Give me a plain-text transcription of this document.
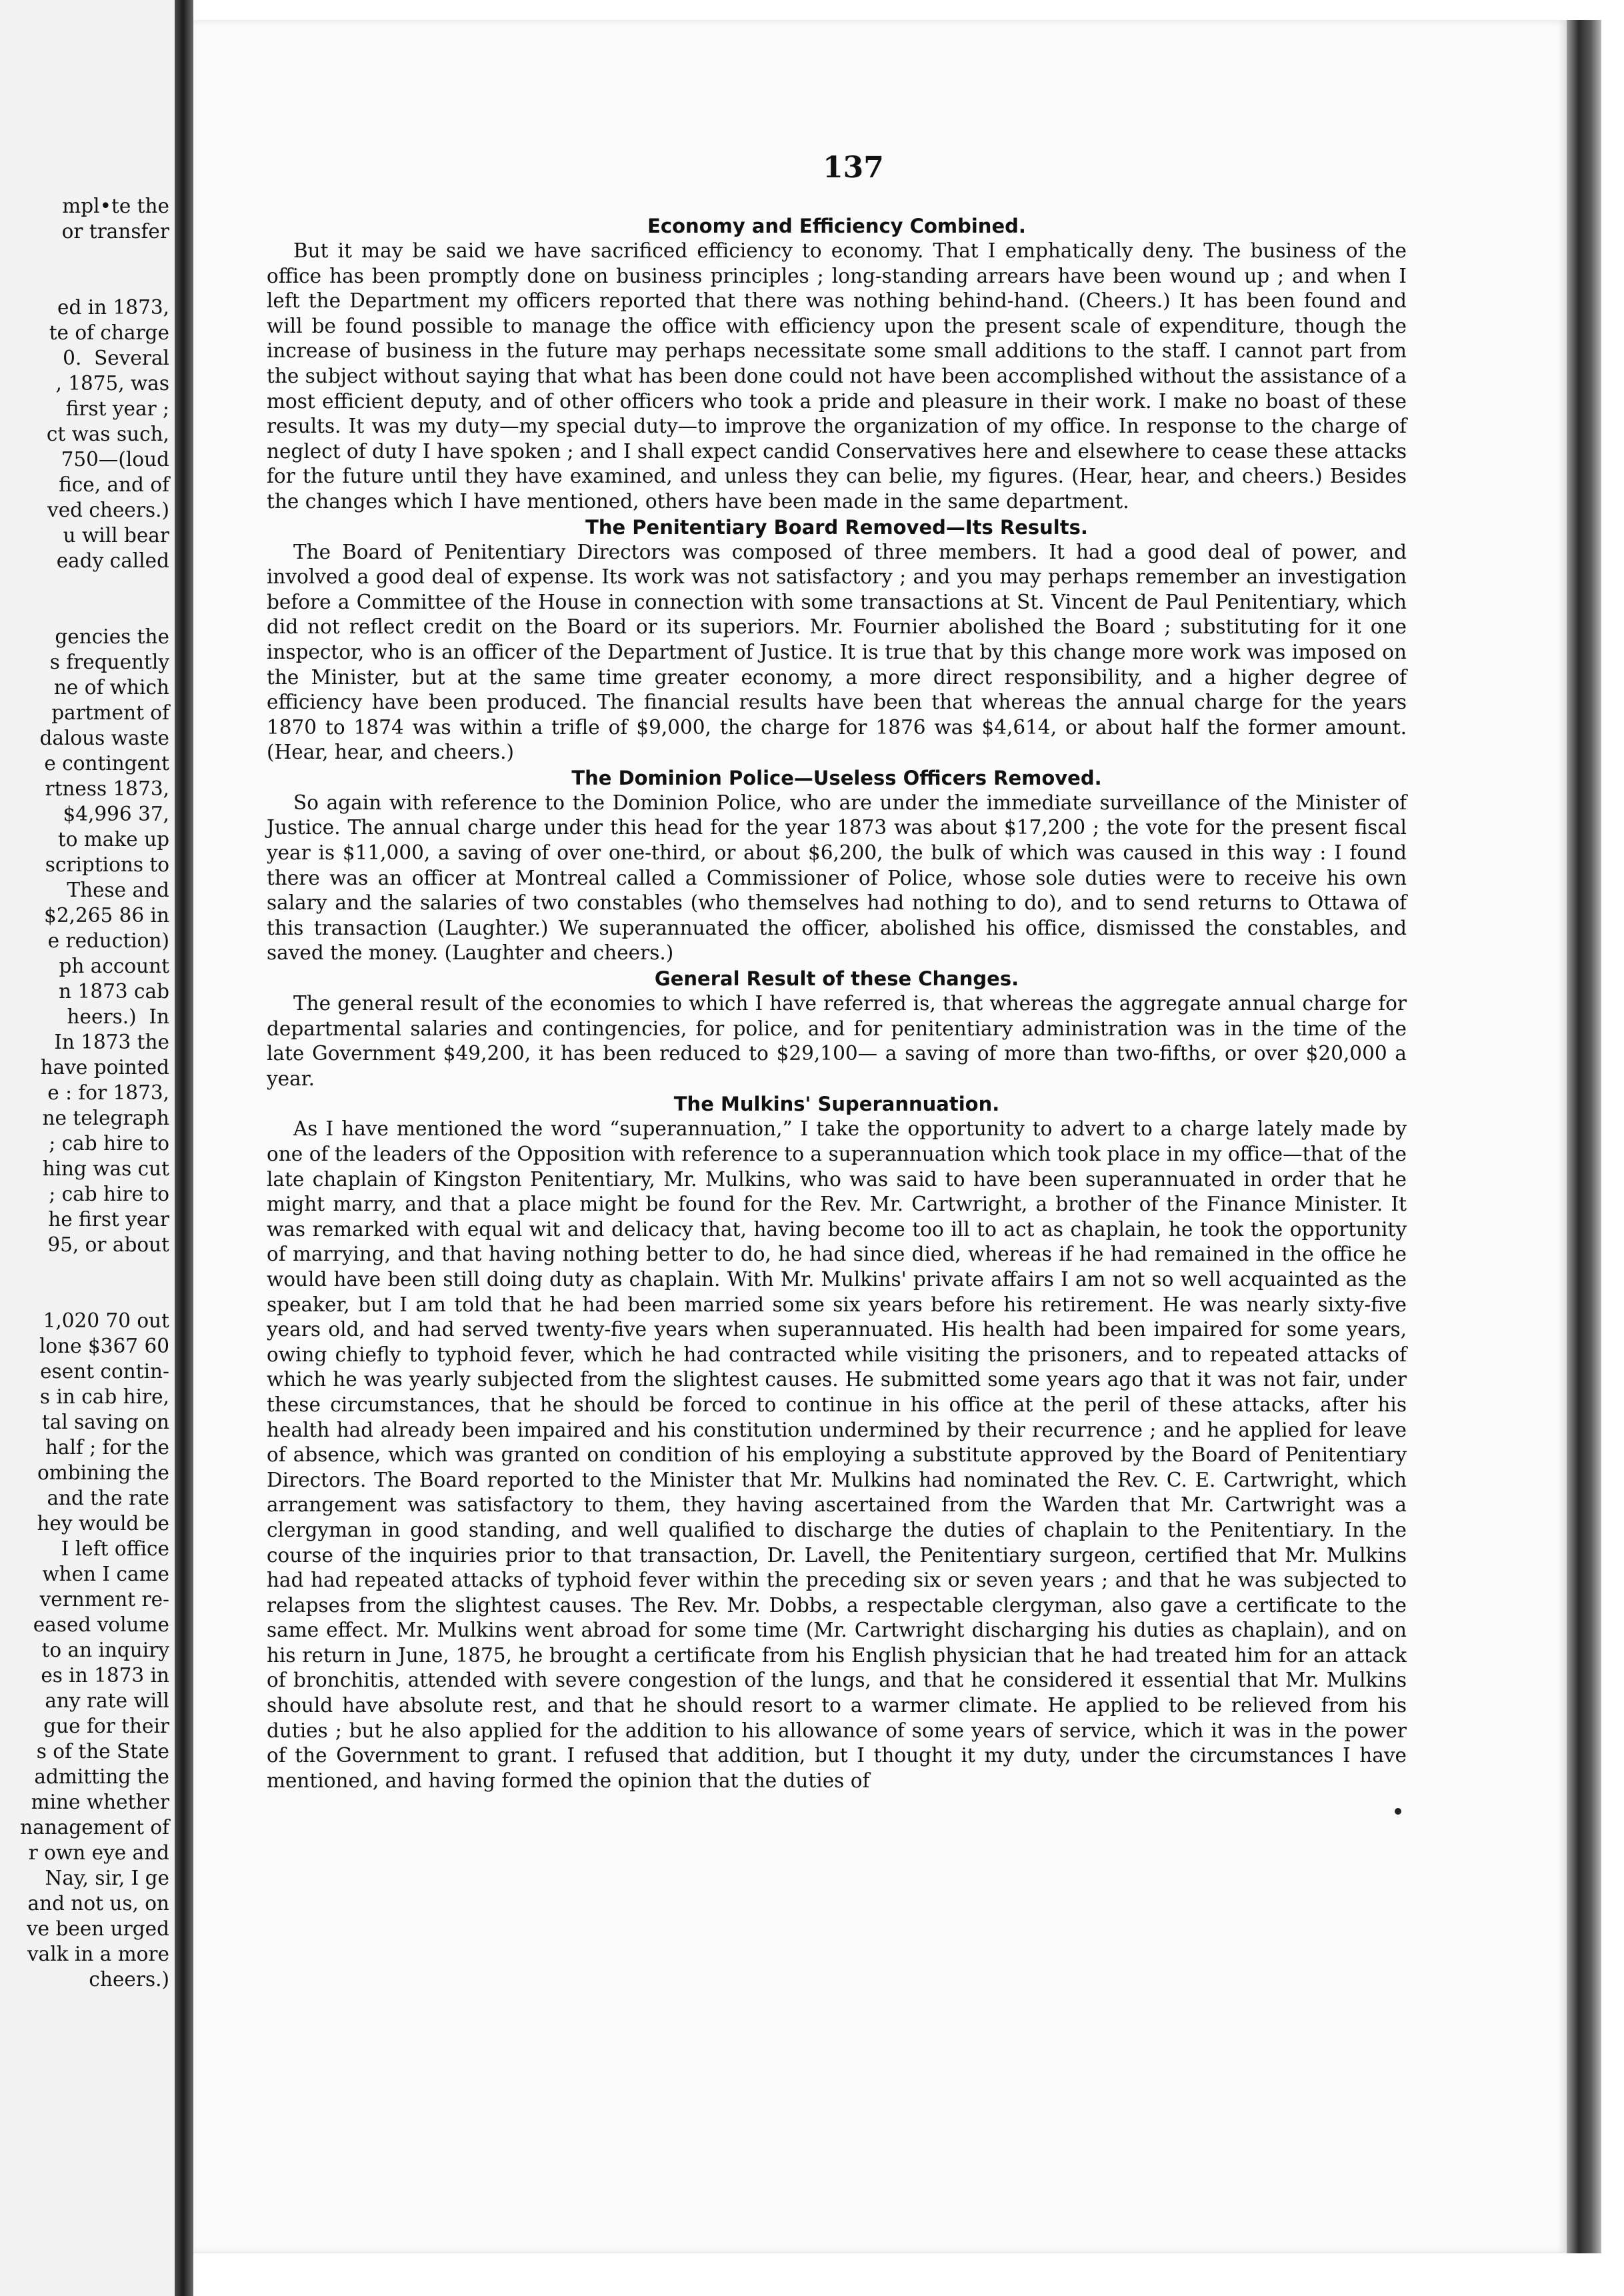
mpl•te the
or transfer

ed in 1873,
te of charge
0.  Several
, 1875, was
first year ;
ct was such,
750—(loud
fice, and of
ved cheers.)
u will bear
eady called

gencies the
s frequently
ne of which
partment of
dalous waste
e contingent
rtness 1873,
$4,996 37,
to make up
scriptions to
These and
$2,265 86 in
e reduction)
ph account
n 1873 cab
heers.)  In
In 1873 the
have pointed
e : for 1873,
ne telegraph
; cab hire to
hing was cut
; cab hire to
he first year
95, or about

1,020 70 out
lone $367 60
esent contin-
s in cab hire,
tal saving on
half ; for the
ombining the
and the rate
hey would be
I left office
when I came
vernment re-
eased volume
to an inquiry
es in 1873 in
any rate will
gue for their
s of the State
admitting the
mine whether
nanagement of
r own eye and
Nay, sir, I ge
and not us, on
ve been urged
valk in a more
cheers.)
137
Economy and Efficiency Combined.

But it may be said we have sacrificed efficiency to economy. That I emphatically deny. The business of the office has been promptly done on business principles ; long-standing arrears have been wound up ; and when I left the Department my officers reported that there was nothing behind-hand. (Cheers.) It has been found and will be found possible to manage the office with efficiency upon the present scale of expenditure, though the increase of business in the future may perhaps necessitate some small additions to the staff. I cannot part from the subject without saying that what has been done could not have been accomplished without the assistance of a most efficient deputy, and of other officers who took a pride and pleasure in their work. I make no boast of these results. It was my duty—my special duty—to improve the organization of my office. In response to the charge of neglect of duty I have spoken ; and I shall expect candid Conservatives here and elsewhere to cease these attacks for the future until they have examined, and unless they can belie, my figures. (Hear, hear, and cheers.) Besides the changes which I have mentioned, others have been made in the same department.

The Penitentiary Board Removed—Its Results.

The Board of Penitentiary Directors was composed of three members. It had a good deal of power, and involved a good deal of expense. Its work was not satisfactory ; and you may perhaps remember an investigation before a Committee of the House in connection with some transactions at St. Vincent de Paul Penitentiary, which did not reflect credit on the Board or its superiors. Mr. Fournier abolished the Board ; substituting for it one inspector, who is an officer of the Department of Justice. It is true that by this change more work was imposed on the Minister, but at the same time greater economy, a more direct responsibility, and a higher degree of efficiency have been produced. The financial results have been that whereas the annual charge for the years 1870 to 1874 was within a trifle of $9,000, the charge for 1876 was $4,614, or about half the former amount. (Hear, hear, and cheers.)

The Dominion Police—Useless Officers Removed.

So again with reference to the Dominion Police, who are under the immediate surveillance of the Minister of Justice. The annual charge under this head for the year 1873 was about $17,200 ; the vote for the present fiscal year is $11,000, a saving of over one-third, or about $6,200, the bulk of which was caused in this way : I found there was an officer at Montreal called a Commissioner of Police, whose sole duties were to receive his own salary and the salaries of two constables (who themselves had nothing to do), and to send returns to Ottawa of this transaction (Laughter.) We superannuated the officer, abolished his office, dismissed the constables, and saved the money. (Laughter and cheers.)

General Result of these Changes.

The general result of the economies to which I have referred is, that whereas the aggregate annual charge for departmental salaries and contingencies, for police, and for penitentiary administration was in the time of the late Government $49,200, it has been reduced to $29,100— a saving of more than two-fifths, or over $20,000 a year.

The Mulkins' Superannuation.

As I have mentioned the word “superannuation,” I take the opportunity to advert to a charge lately made by one of the leaders of the Opposition with reference to a superannuation which took place in my office—that of the late chaplain of Kingston Penitentiary, Mr. Mulkins, who was said to have been superannuated in order that he might marry, and that a place might be found for the Rev. Mr. Cartwright, a brother of the Finance Minister. It was remarked with equal wit and delicacy that, having become too ill to act as chaplain, he took the opportunity of marrying, and that having nothing better to do, he had since died, whereas if he had remained in the office he would have been still doing duty as chaplain. With Mr. Mulkins' private affairs I am not so well acquainted as the speaker, but I am told that he had been married some six years before his retirement. He was nearly sixty-five years old, and had served twenty-five years when superannuated. His health had been impaired for some years, owing chiefly to typhoid fever, which he had contracted while visiting the prisoners, and to repeated attacks of which he was yearly subjected from the slightest causes. He submitted some years ago that it was not fair, under these circumstances, that he should be forced to continue in his office at the peril of these attacks, after his health had already been impaired and his constitution undermined by their recurrence ; and he applied for leave of absence, which was granted on condition of his employing a substitute approved by the Board of Penitentiary Directors. The Board reported to the Minister that Mr. Mulkins had nominated the Rev. C. E. Cartwright, which arrangement was satisfactory to them, they having ascertained from the Warden that Mr. Cartwright was a clergyman in good standing, and well qualified to discharge the duties of chaplain to the Penitentiary. In the course of the inquiries prior to that transaction, Dr. Lavell, the Penitentiary surgeon, certified that Mr. Mulkins had had repeated attacks of typhoid fever within the preceding six or seven years ; and that he was subjected to relapses from the slightest causes. The Rev. Mr. Dobbs, a respectable clergyman, also gave a certificate to the same effect. Mr. Mulkins went abroad for some time (Mr. Cartwright discharging his duties as chaplain), and on his return in June, 1875, he brought a certificate from his English physician that he had treated him for an attack of bronchitis, attended with severe congestion of the lungs, and that he considered it essential that Mr. Mulkins should have absolute rest, and that he should resort to a warmer climate. He applied to be relieved from his duties ; but he also applied for the addition to his allowance of some years of service, which it was in the power of the Government to grant. I refused that addition, but I thought it my duty, under the circumstances I have mentioned, and having formed the opinion that the duties of
